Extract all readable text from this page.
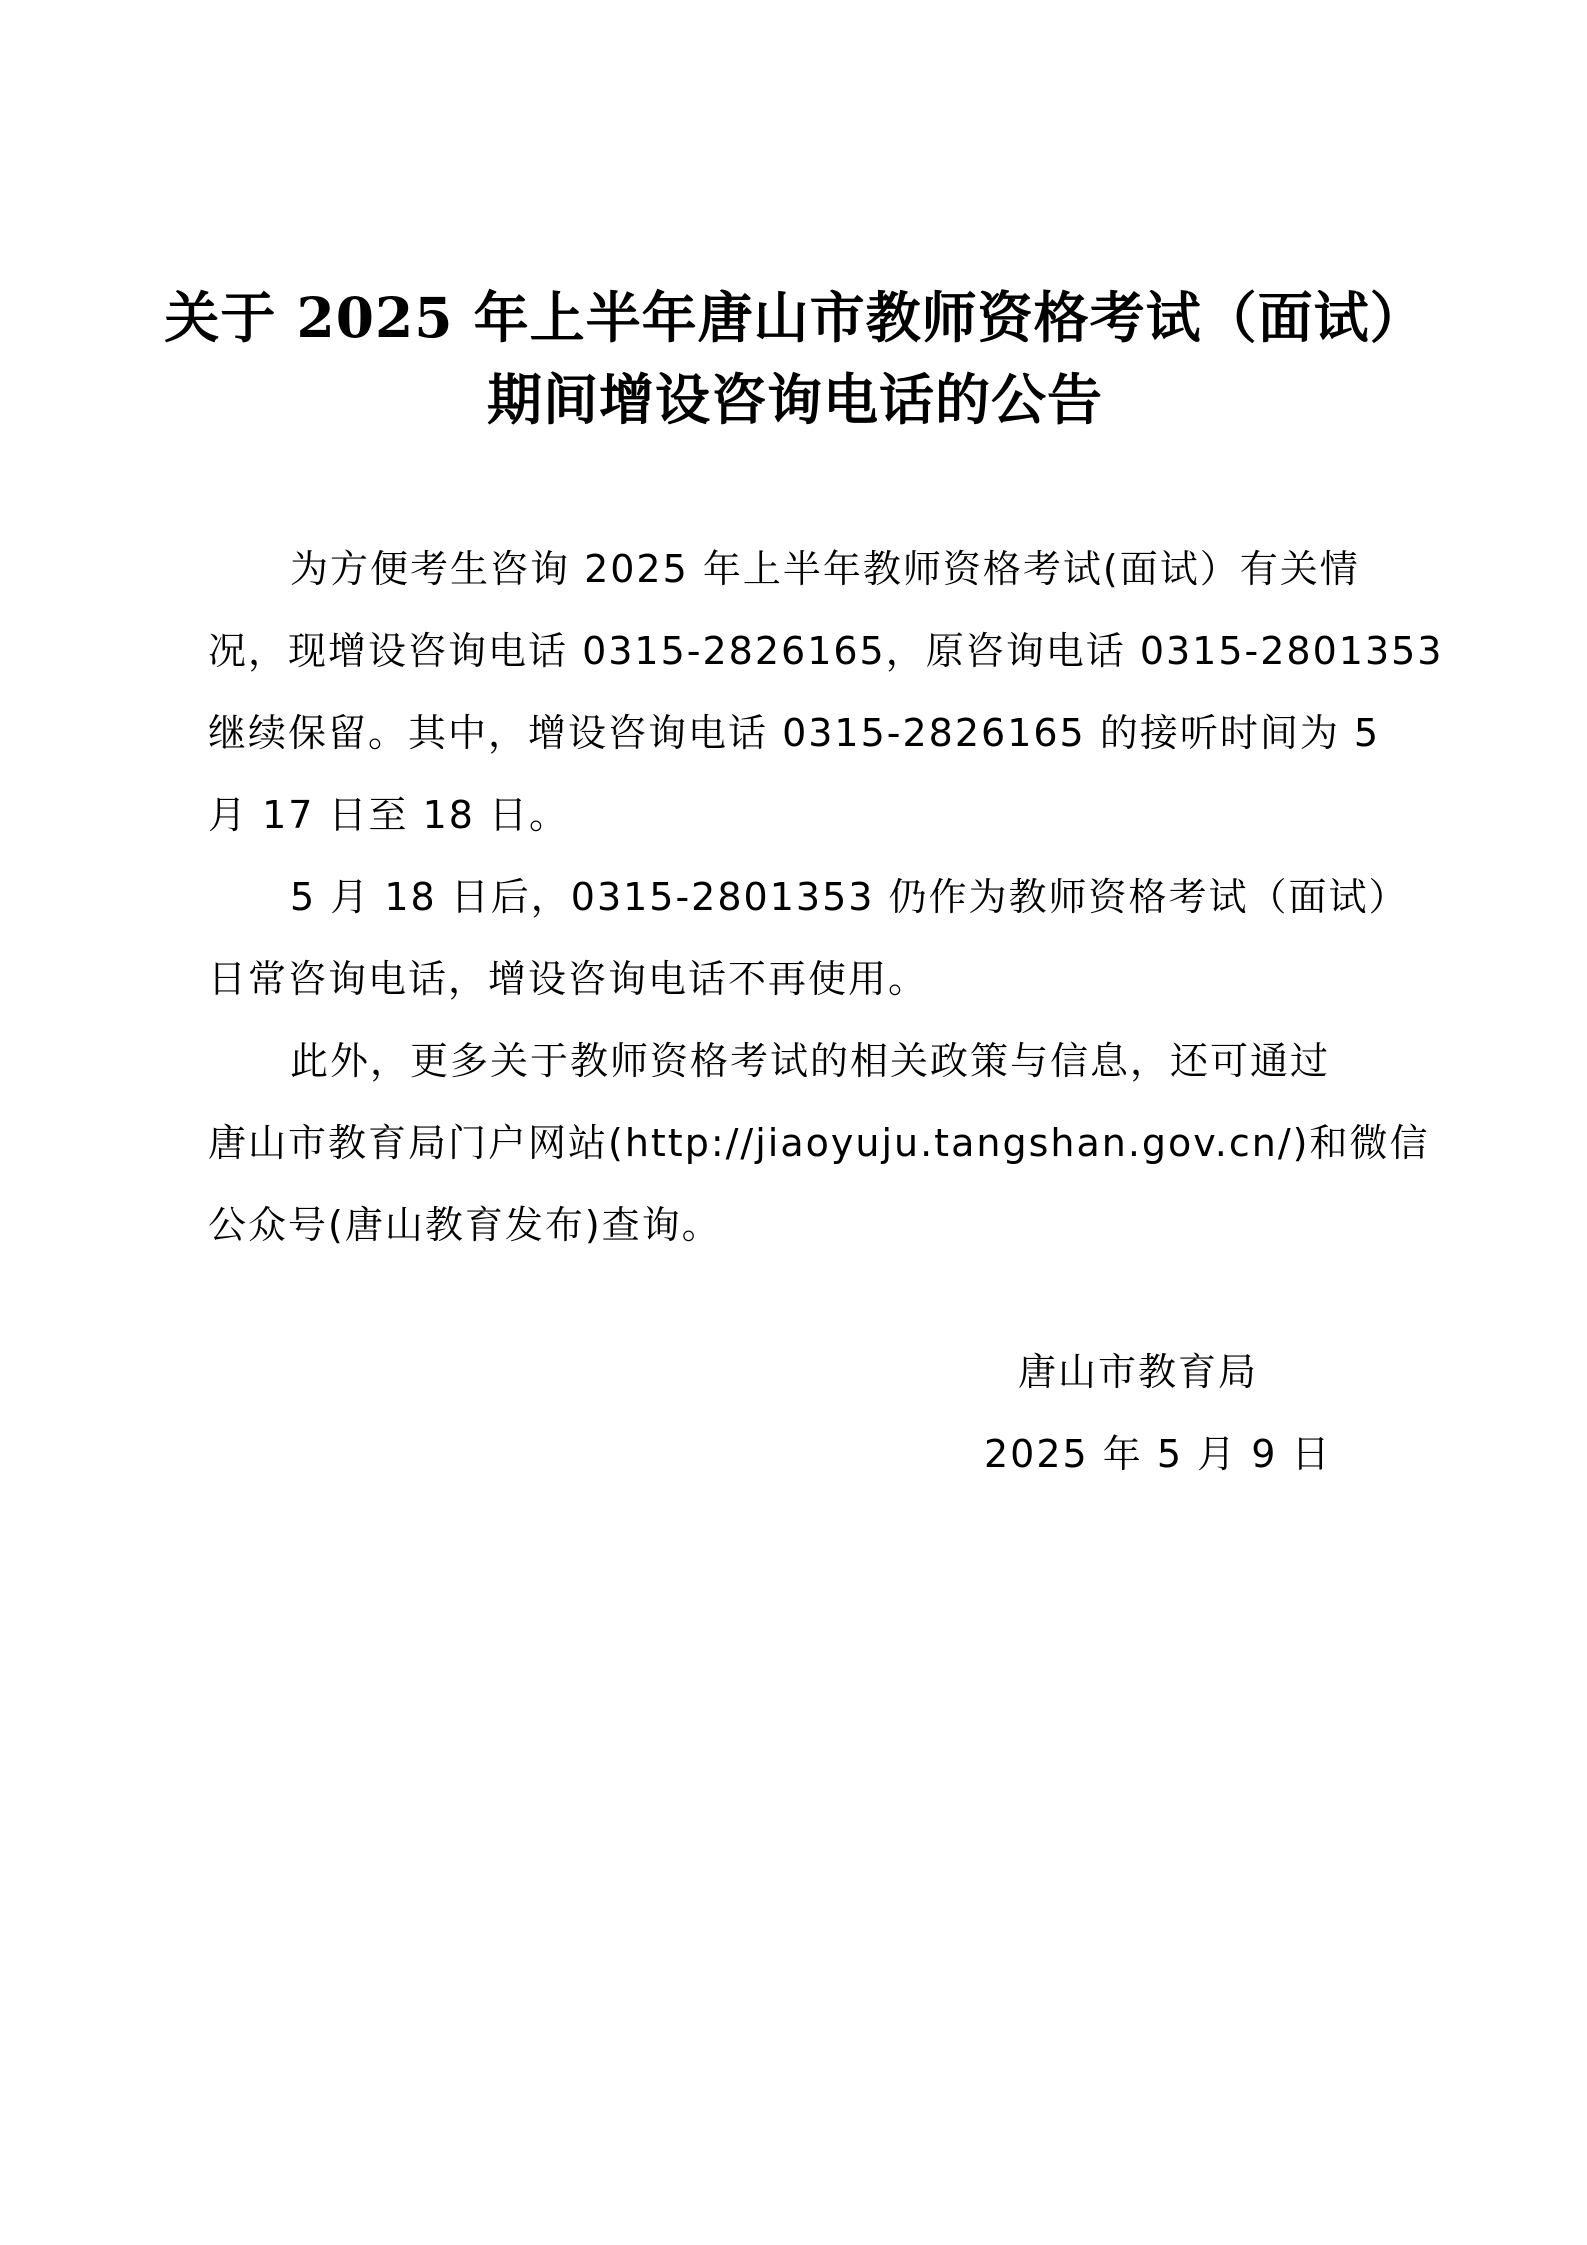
关于 2025 年上半年唐山市教师资格考试（面试）
期间增设咨询电话的公告
为方便考生咨询 2025 年上半年教师资格考试(面试）有关情
况，现增设咨询电话 0315-2826165，原咨询电话 0315-2801353
继续保留。其中，增设咨询电话 0315-2826165 的接听时间为 5
月 17 日至 18 日。
5 月 18 日后，0315-2801353 仍作为教师资格考试（面试）
日常咨询电话，增设咨询电话不再使用。
此外，更多关于教师资格考试的相关政策与信息，还可通过
唐山市教育局门户网站(http://jiaoyuju.tangshan.gov.cn/)和微信
公众号(唐山教育发布)查询。
唐山市教育局
2025 年 5 月 9 日
